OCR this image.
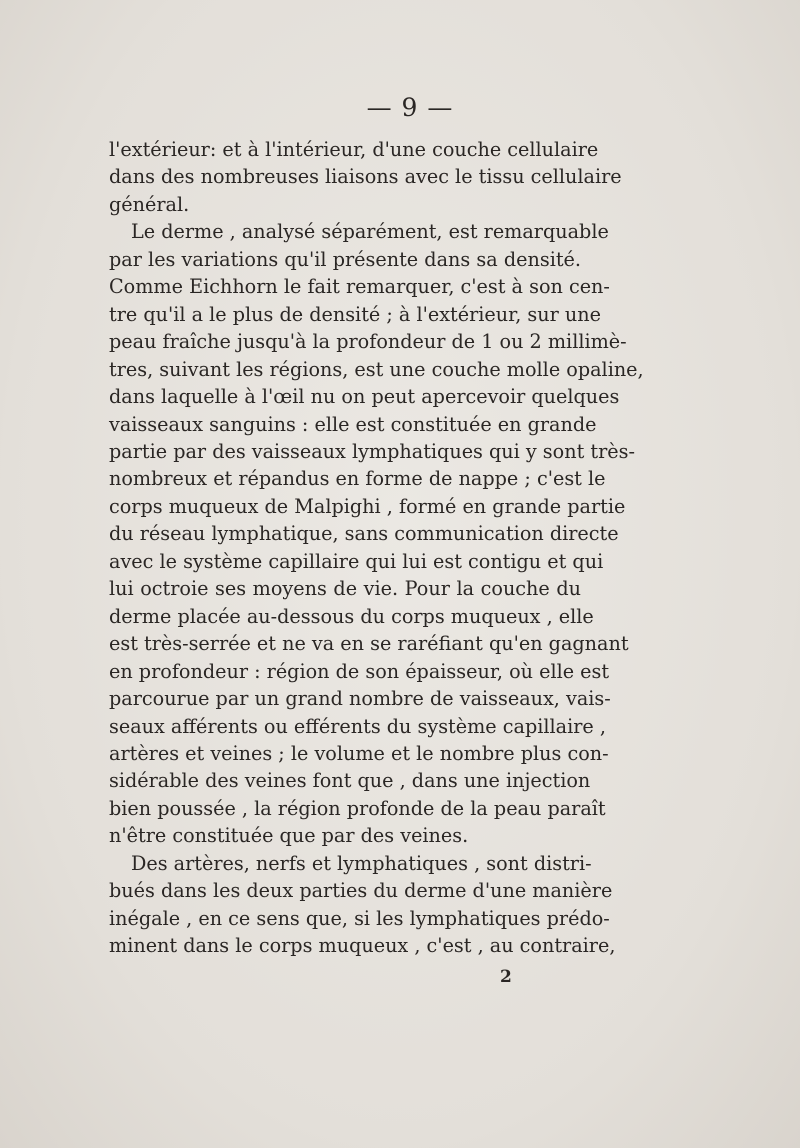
— 9 —
l'extérieur: et à l'intérieur, d'une couche cellulaire
dans des nombreuses liaisons avec le tissu cellulaire
général.
Le derme , analysé séparément, est remarquable
par les variations qu'il présente dans sa densité.
Comme Eichhorn le fait remarquer, c'est à son cen-
tre qu'il a le plus de densité ; à l'extérieur, sur une
peau fraîche jusqu'à la profondeur de 1 ou 2 millimè-
tres, suivant les régions, est une couche molle opaline,
dans laquelle à l'œil nu on peut apercevoir quelques
vaisseaux sanguins : elle est constituée en grande
partie par des vaisseaux lymphatiques qui y sont très-
nombreux et répandus en forme de nappe ; c'est le
corps muqueux de Malpighi , formé en grande partie
du réseau lymphatique, sans communication directe
avec le système capillaire qui lui est contigu et qui
lui octroie ses moyens de vie. Pour la couche du
derme placée au-dessous du corps muqueux , elle
est très-serrée et ne va en se raréfiant qu'en gagnant
en profondeur : région de son épaisseur, où elle est
parcourue par un grand nombre de vaisseaux, vais-
seaux afférents ou efférents du système capillaire ,
artères et veines ; le volume et le nombre plus con-
sidérable des veines font que , dans une injection
bien poussée , la région profonde de la peau paraît
n'être constituée que par des veines.
Des artères, nerfs et lymphatiques , sont distri-
bués dans les deux parties du derme d'une manière
inégale , en ce sens que, si les lymphatiques prédo-
minent dans le corps muqueux , c'est , au contraire,
2
